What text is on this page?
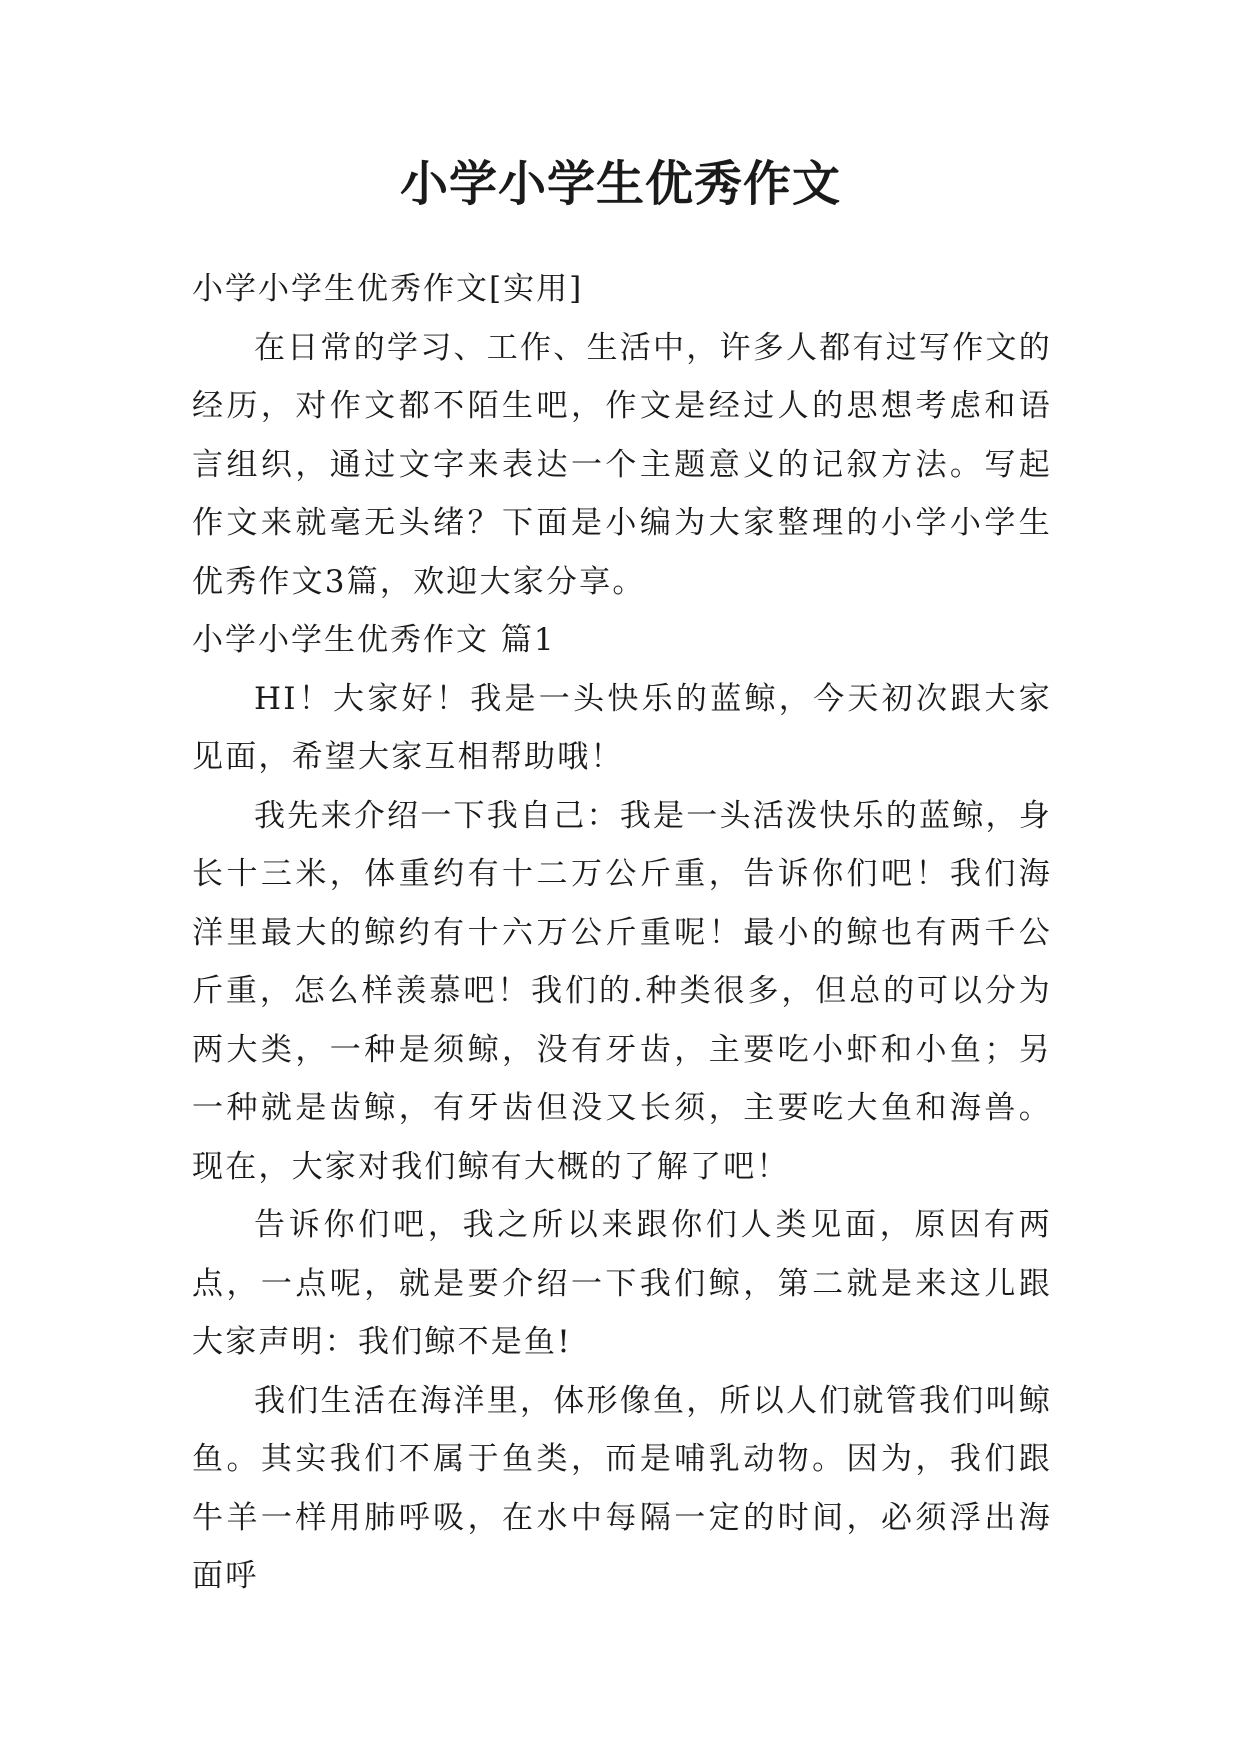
小学小学生优秀作文
小学小学生优秀作文[实用]

在日常的学习、工作、生活中，许多人都有过写作文的经历，对作文都不陌生吧，作文是经过人的思想考虑和语言组织，通过文字来表达一个主题意义的记叙方法。写起作文来就毫无头绪？下面是小编为大家整理的小学小学生优秀作文3篇，欢迎大家分享。

小学小学生优秀作文 篇1

HI！大家好！我是一头快乐的蓝鲸，今天初次跟大家见面，希望大家互相帮助哦！

我先来介绍一下我自己：我是一头活泼快乐的蓝鲸，身长十三米，体重约有十二万公斤重，告诉你们吧！我们海洋里最大的鲸约有十六万公斤重呢！最小的鲸也有两千公斤重，怎么样羡慕吧！我们的.种类很多，但总的可以分为两大类，一种是须鲸，没有牙齿，主要吃小虾和小鱼；另一种就是齿鲸，有牙齿但没又长须，主要吃大鱼和海兽。现在，大家对我们鲸有大概的了解了吧！

告诉你们吧，我之所以来跟你们人类见面，原因有两点，一点呢，就是要介绍一下我们鲸，第二就是来这儿跟大家声明：我们鲸不是鱼!

我们生活在海洋里，体形像鱼，所以人们就管我们叫鲸鱼。其实我们不属于鱼类，而是哺乳动物。因为，我们跟牛羊一样用肺呼吸，在水中每隔一定的时间，必须浮出海面呼
